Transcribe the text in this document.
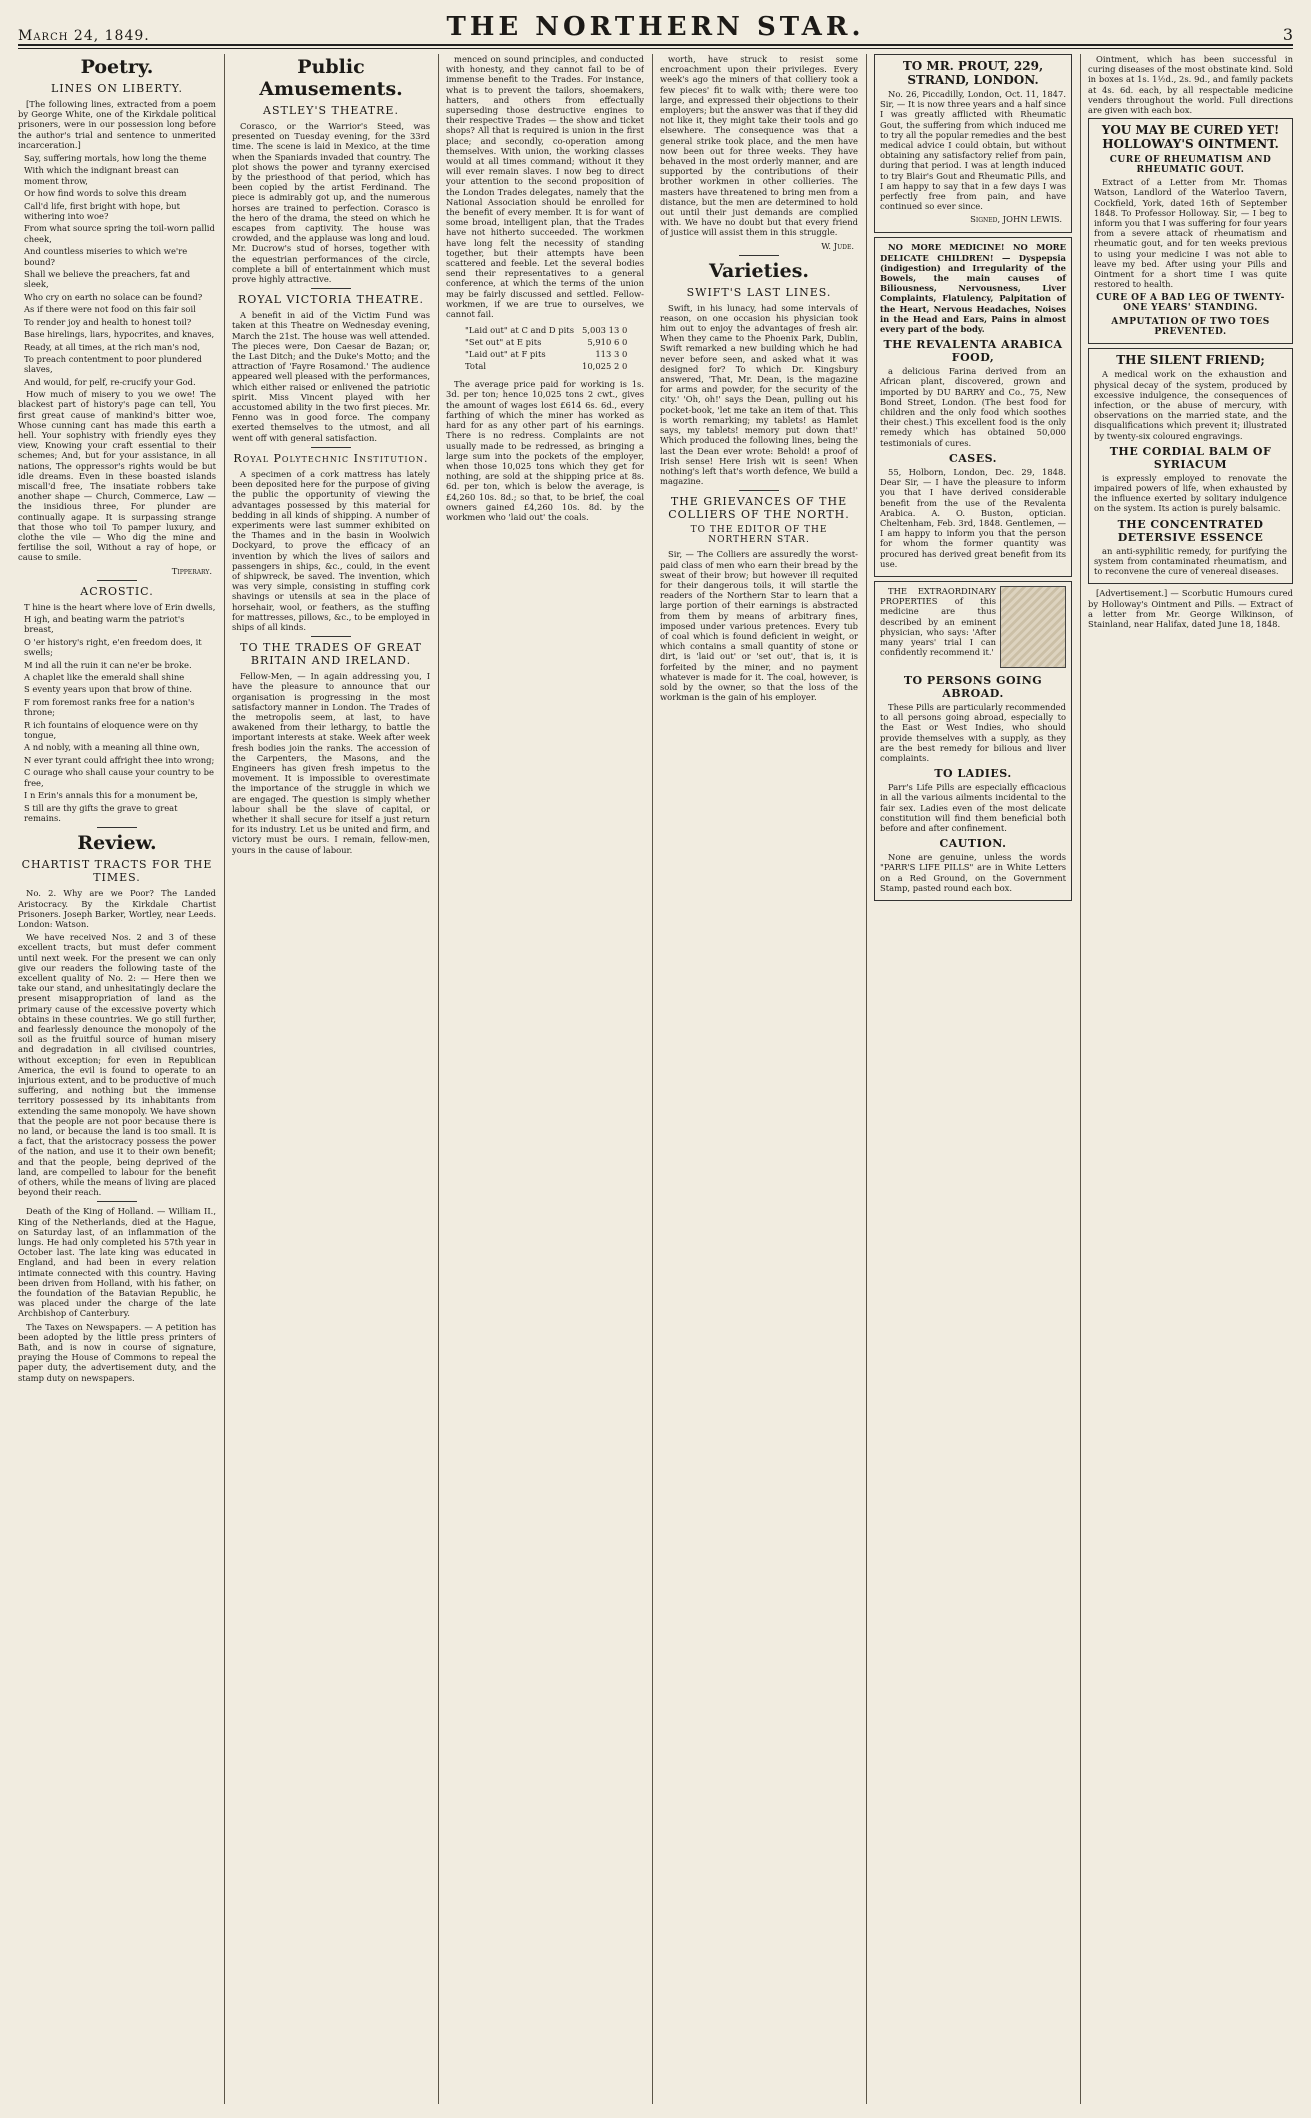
March 24, 1849.	THE NORTHERN STAR.	3
Poetry.
LINES ON LIBERTY.

[The following lines, extracted from a poem by George White, one of the Kirkdale political prisoners, were in our possession long before the author's trial and sentence to unmerited incarceration.]

Say, suffering mortals, how long the theme
With which the indignant breast can moment throw,
Or how find words to solve this dream
Call'd life, first bright with hope, but withering into woe?
From what source spring the toil-worn pallid cheek,
And countless miseries to which we're bound?
Shall we believe the preachers, fat and sleek,
Who cry on earth no solace can be found?
As if there were not food on this fair soil
To render joy and health to honest toil?
Base hirelings, liars, hypocrites, and knaves,
Ready, at all times, at the rich man's nod,
To preach contentment to poor plundered slaves,
And would, for pelf, re-crucify your God.

How much of misery to you we owe! The blackest part of history's page can tell, You first great cause of mankind's bitter woe, Whose cunning cant has made this earth a hell. Your sophistry with friendly eyes they view, Knowing your craft essential to their schemes; And, but for your assistance, in all nations, The oppressor's rights would be but idle dreams. Even in these boasted islands miscall'd free, The insatiate robbers take another shape — Church, Commerce, Law — the insidious three, For plunder are continually agape. It is surpassing strange that those who toil To pamper luxury, and clothe the vile — Who dig the mine and fertilise the soil, Without a ray of hope, or cause to smile.

Tipperary.
ACROSTIC.
T hine is the heart where love of Erin dwells,
H igh, and beating warm the patriot's breast,
O 'er history's right, e'en freedom does, it swells;
M ind all the ruin it can ne'er be broke.
A chaplet like the emerald shall shine
S eventy years upon that brow of thine.
F rom foremost ranks free for a nation's throne;
R ich fountains of eloquence were on thy tongue,
A nd nobly, with a meaning all thine own,
N ever tyrant could affright thee into wrong;
C ourage who shall cause your country to be free,
I n Erin's annals this for a monument be,
S till are thy gifts the grave to great remains.
Review.
CHARTIST TRACTS FOR THE TIMES.

No. 2. Why are we Poor? The Landed Aristocracy. By the Kirkdale Chartist Prisoners. Joseph Barker, Wortley, near Leeds. London: Watson.

We have received Nos. 2 and 3 of these excellent tracts, but must defer comment until next week. For the present we can only give our readers the following taste of the excellent quality of No. 2: — Here then we take our stand, and unhesitatingly declare the present misappropriation of land as the primary cause of the excessive poverty which obtains in these countries. We go still further, and fearlessly denounce the monopoly of the soil as the fruitful source of human misery and degradation in all civilised countries, without exception; for even in Republican America, the evil is found to operate to an injurious extent, and to be productive of much suffering, and nothing but the immense territory possessed by its inhabitants from extending the same monopoly. We have shown that the people are not poor because there is no land, or because the land is too small. It is a fact, that the aristocracy possess the power of the nation, and use it to their own benefit; and that the people, being deprived of the land, are compelled to labour for the benefit of others, while the means of living are placed beyond their reach.

Death of the King of Holland. — William II., King of the Netherlands, died at the Hague, on Saturday last, of an inflammation of the lungs. He had only completed his 57th year in October last. The late king was educated in England, and had been in every relation intimate connected with this country. Having been driven from Holland, with his father, on the foundation of the Batavian Republic, he was placed under the charge of the late Archbishop of Canterbury.

The Taxes on Newspapers. — A petition has been adopted by the little press printers of Bath, and is now in course of signature, praying the House of Commons to repeal the paper duty, the advertisement duty, and the stamp duty on newspapers.

Public Amusements.
ASTLEY'S THEATRE.

Corasco, or the Warrior's Steed, was presented on Tuesday evening, for the 33rd time. The scene is laid in Mexico, at the time when the Spaniards invaded that country. The plot shows the power and tyranny exercised by the priesthood of that period, which has been copied by the artist Ferdinand. The piece is admirably got up, and the numerous horses are trained to perfection. Corasco is the hero of the drama, the steed on which he escapes from captivity. The house was crowded, and the applause was long and loud. Mr. Ducrow's stud of horses, together with the equestrian performances of the circle, complete a bill of entertainment which must prove highly attractive.

ROYAL VICTORIA THEATRE.

A benefit in aid of the Victim Fund was taken at this Theatre on Wednesday evening, March the 21st. The house was well attended. The pieces were, Don Caesar de Bazan; or, the Last Ditch; and the Duke's Motto; and the attraction of 'Fayre Rosamond.' The audience appeared well pleased with the performances, which either raised or enlivened the patriotic spirit. Miss Vincent played with her accustomed ability in the two first pieces. Mr. Fenno was in good force. The company exerted themselves to the utmost, and all went off with general satisfaction.

Royal Polytechnic Institution.

A specimen of a cork mattress has lately been deposited here for the purpose of giving the public the opportunity of viewing the advantages possessed by this material for bedding in all kinds of shipping. A number of experiments were last summer exhibited on the Thames and in the basin in Woolwich Dockyard, to prove the efficacy of an invention by which the lives of sailors and passengers in ships, &c., could, in the event of shipwreck, be saved. The invention, which was very simple, consisting in stuffing cork shavings or utensils at sea in the place of horsehair, wool, or feathers, as the stuffing for mattresses, pillows, &c., to be employed in ships of all kinds.

TO THE TRADES OF GREAT BRITAIN AND IRELAND.

Fellow-Men, — In again addressing you, I have the pleasure to announce that our organisation is progressing in the most satisfactory manner in London. The Trades of the metropolis seem, at last, to have awakened from their lethargy, to battle the important interests at stake. Week after week fresh bodies join the ranks. The accession of the Carpenters, the Masons, and the Engineers has given fresh impetus to the movement. It is impossible to overestimate the importance of the struggle in which we are engaged. The question is simply whether labour shall be the slave of capital, or whether it shall secure for itself a just return for its industry. Let us be united and firm, and victory must be ours. I remain, fellow-men, yours in the cause of labour.

menced on sound principles, and conducted with honesty, and they cannot fail to be of immense benefit to the Trades. For instance, what is to prevent the tailors, shoemakers, hatters, and others from effectually superseding those destructive engines to their respective Trades — the show and ticket shops? All that is required is union in the first place; and secondly, co-operation among themselves. With union, the working classes would at all times command; without it they will ever remain slaves. I now beg to direct your attention to the second proposition of the London Trades delegates, namely that the National Association should be enrolled for the benefit of every member. It is for want of some broad, intelligent plan, that the Trades have not hitherto succeeded. The workmen have long felt the necessity of standing together, but their attempts have been scattered and feeble. Let the several bodies send their representatives to a general conference, at which the terms of the union may be fairly discussed and settled. Fellow-workmen, if we are true to ourselves, we cannot fail.

"Laid out" at C and D pits	5,003 13 0
"Set out" at E pits	5,910 6 0
"Laid out" at F pits	113 3 0
Total	10,025 2 0

The average price paid for working is 1s. 3d. per ton; hence 10,025 tons 2 cwt., gives the amount of wages lost £614 6s. 6d., every farthing of which the miner has worked as hard for as any other part of his earnings. There is no redress. Complaints are not usually made to be redressed, as bringing a large sum into the pockets of the employer, when those 10,025 tons which they get for nothing, are sold at the shipping price at 8s. 6d. per ton, which is below the average, is £4,260 10s. 8d.; so that, to be brief, the coal owners gained £4,260 10s. 8d. by the workmen who 'laid out' the coals.

worth, have struck to resist some encroachment upon their privileges. Every week's ago the miners of that colliery took a few pieces' fit to walk with; there were too large, and expressed their objections to their employers; but the answer was that if they did not like it, they might take their tools and go elsewhere. The consequence was that a general strike took place, and the men have now been out for three weeks. They have behaved in the most orderly manner, and are supported by the contributions of their brother workmen in other collieries. The masters have threatened to bring men from a distance, but the men are determined to hold out until their just demands are complied with. We have no doubt but that every friend of justice will assist them in this struggle.

W. Jude.
Varieties.
SWIFT'S LAST LINES.

Swift, in his lunacy, had some intervals of reason, on one occasion his physician took him out to enjoy the advantages of fresh air. When they came to the Phoenix Park, Dublin, Swift remarked a new building which he had never before seen, and asked what it was designed for? To which Dr. Kingsbury answered, 'That, Mr. Dean, is the magazine for arms and powder, for the security of the city.' 'Oh, oh!' says the Dean, pulling out his pocket-book, 'let me take an item of that. This is worth remarking; my tablets! as Hamlet says, my tablets! memory put down that!' Which produced the following lines, being the last the Dean ever wrote: Behold! a proof of Irish sense! Here Irish wit is seen! When nothing's left that's worth defence, We build a magazine.

THE GRIEVANCES OF THE COLLIERS OF THE NORTH.
TO THE EDITOR OF THE NORTHERN STAR.

Sir, — The Colliers are assuredly the worst-paid class of men who earn their bread by the sweat of their brow; but however ill requited for their dangerous toils, it will startle the readers of the Northern Star to learn that a large portion of their earnings is abstracted from them by means of arbitrary fines, imposed under various pretences. Every tub of coal which is found deficient in weight, or which contains a small quantity of stone or dirt, is 'laid out' or 'set out', that is, it is forfeited by the miner, and no payment whatever is made for it. The coal, however, is sold by the owner, so that the loss of the workman is the gain of his employer.

TO MR. PROUT, 229, STRAND, LONDON.

No. 26, Piccadilly, London, Oct. 11, 1847. Sir, — It is now three years and a half since I was greatly afflicted with Rheumatic Gout, the suffering from which induced me to try all the popular remedies and the best medical advice I could obtain, but without obtaining any satisfactory relief from pain, during that period. I was at length induced to try Blair's Gout and Rheumatic Pills, and I am happy to say that in a few days I was perfectly free from pain, and have continued so ever since.

Signed, JOHN LEWIS.

NO MORE MEDICINE! NO MORE DELICATE CHILDREN! — Dyspepsia (indigestion) and Irregularity of the Bowels, the main causes of Biliousness, Nervousness, Liver Complaints, Flatulency, Palpitation of the Heart, Nervous Headaches, Noises in the Head and Ears, Pains in almost every part of the body.

THE REVALENTA ARABICA FOOD,

a delicious Farina derived from an African plant, discovered, grown and imported by DU BARRY and Co., 75, New Bond Street, London. (The best food for children and the only food which soothes their chest.) This excellent food is the only remedy which has obtained 50,000 testimonials of cures.

CASES.

55, Holborn, London, Dec. 29, 1848. Dear Sir, — I have the pleasure to inform you that I have derived considerable benefit from the use of the Revalenta Arabica. A. O. Buston, optician. Cheltenham, Feb. 3rd, 1848. Gentlemen, — I am happy to inform you that the person for whom the former quantity was procured has derived great benefit from its use.

THE EXTRAORDINARY PROPERTIES of this medicine are thus described by an eminent physician, who says: 'After many years' trial I can confidently recommend it.'

TO PERSONS GOING ABROAD.

These Pills are particularly recommended to all persons going abroad, especially to the East or West Indies, who should provide themselves with a supply, as they are the best remedy for bilious and liver complaints.

TO LADIES.

Parr's Life Pills are especially efficacious in all the various ailments incidental to the fair sex. Ladies even of the most delicate constitution will find them beneficial both before and after confinement.

CAUTION.

None are genuine, unless the words "PARR'S LIFE PILLS" are in White Letters on a Red Ground, on the Government Stamp, pasted round each box.

Ointment, which has been successful in curing diseases of the most obstinate kind. Sold in boxes at 1s. 1½d., 2s. 9d., and family packets at 4s. 6d. each, by all respectable medicine venders throughout the world. Full directions are given with each box.

YOU MAY BE CURED YET! HOLLOWAY'S OINTMENT.
CURE OF RHEUMATISM AND RHEUMATIC GOUT.

Extract of a Letter from Mr. Thomas Watson, Landlord of the Waterloo Tavern, Cockfield, York, dated 16th of September 1848. To Professor Holloway. Sir, — I beg to inform you that I was suffering for four years from a severe attack of rheumatism and rheumatic gout, and for ten weeks previous to using your medicine I was not able to leave my bed. After using your Pills and Ointment for a short time I was quite restored to health.

CURE OF A BAD LEG OF TWENTY-ONE YEARS' STANDING.
AMPUTATION OF TWO TOES PREVENTED.
THE SILENT FRIEND;

A medical work on the exhaustion and physical decay of the system, produced by excessive indulgence, the consequences of infection, or the abuse of mercury, with observations on the married state, and the disqualifications which prevent it; illustrated by twenty-six coloured engravings.

THE CORDIAL BALM OF SYRIACUM

is expressly employed to renovate the impaired powers of life, when exhausted by the influence exerted by solitary indulgence on the system. Its action is purely balsamic.

THE CONCENTRATED DETERSIVE ESSENCE

an anti-syphilitic remedy, for purifying the system from contaminated rheumatism, and to reconvene the cure of venereal diseases.

[Advertisement.] — Scorbutic Humours cured by Holloway's Ointment and Pills. — Extract of a letter from Mr. George Wilkinson, of Stainland, near Halifax, dated June 18, 1848.
